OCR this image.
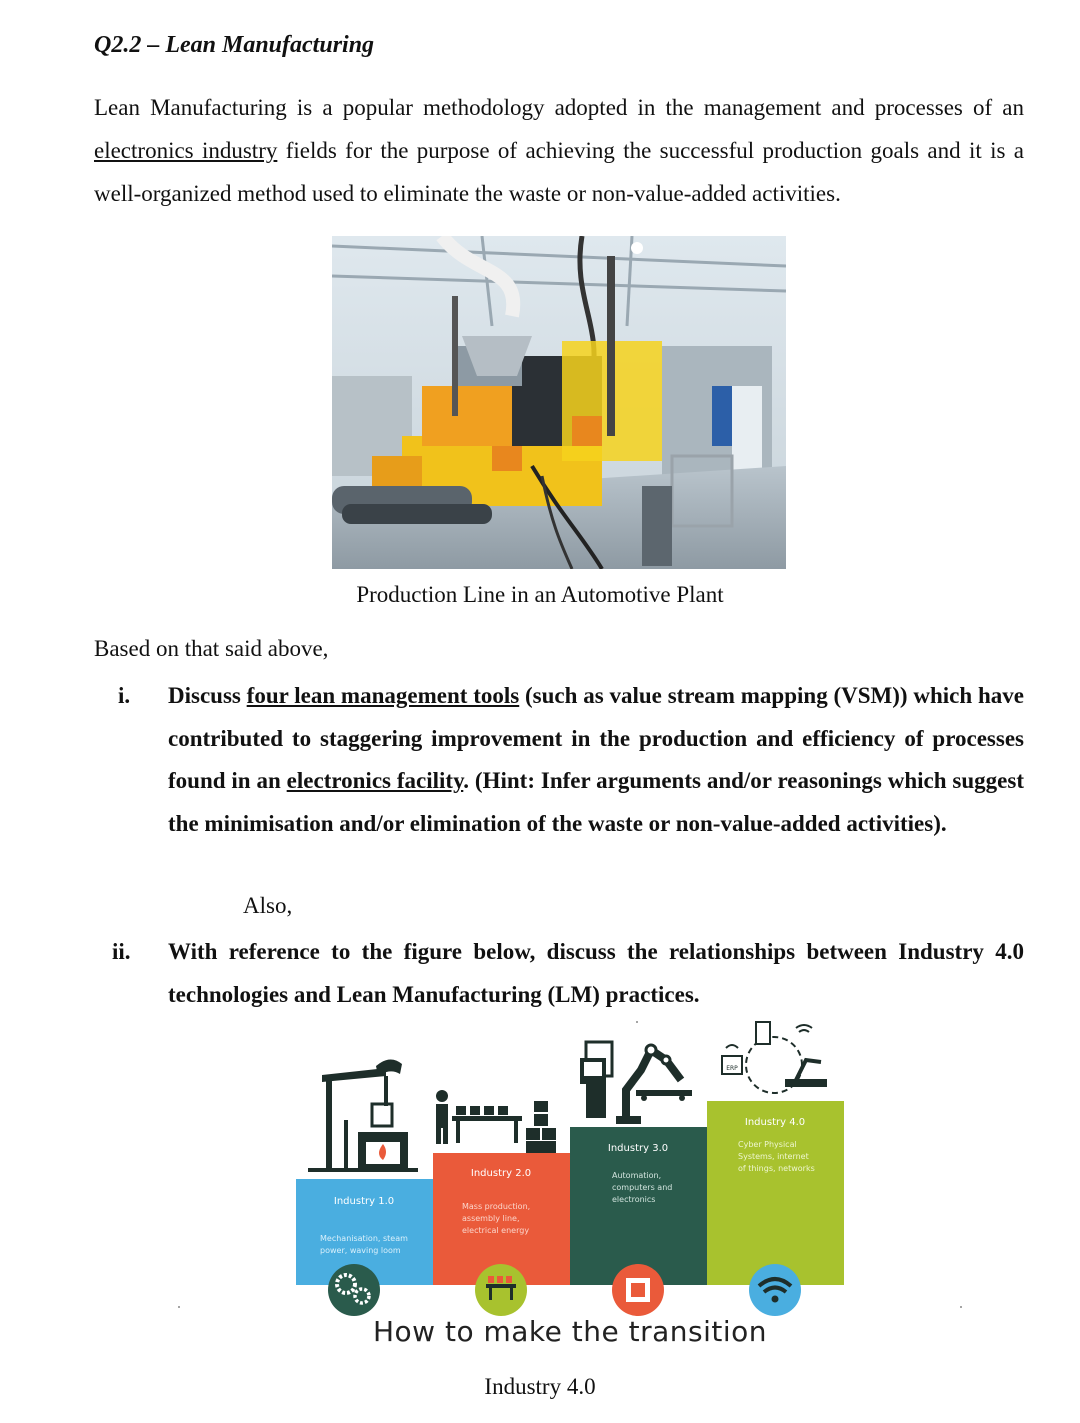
Q2.2 – Lean Manufacturing
Lean Manufacturing is a popular methodology adopted in the management and processes of an electronics industry fields for the purpose of achieving the successful production goals and it is a well-organized method used to eliminate the waste or non-value-added activities.
Production Line in an Automotive Plant
Based on that said above,
i. Discuss four lean management tools (such as value stream mapping (VSM)) which have contributed to staggering improvement in the production and efficiency of processes found in an electronics facility. (Hint: Infer arguments and/or reasonings which suggest the minimisation and/or elimination of the waste or non-value-added activities).
Also,
ii. With reference to the figure below, discuss the relationships between Industry 4.0 technologies and Lean Manufacturing (LM) practices.
ERP
Industry 1.0
Industry 2.0
Industry 3.0
Industry 4.0
Mechanisation, steam
power, waving loom
Mass production,
assembly line,
electrical energy
Automation,
computers and
electronics
Cyber Physical
Systems, internet
of things, networks
How to make the transition
Industry 4.0
